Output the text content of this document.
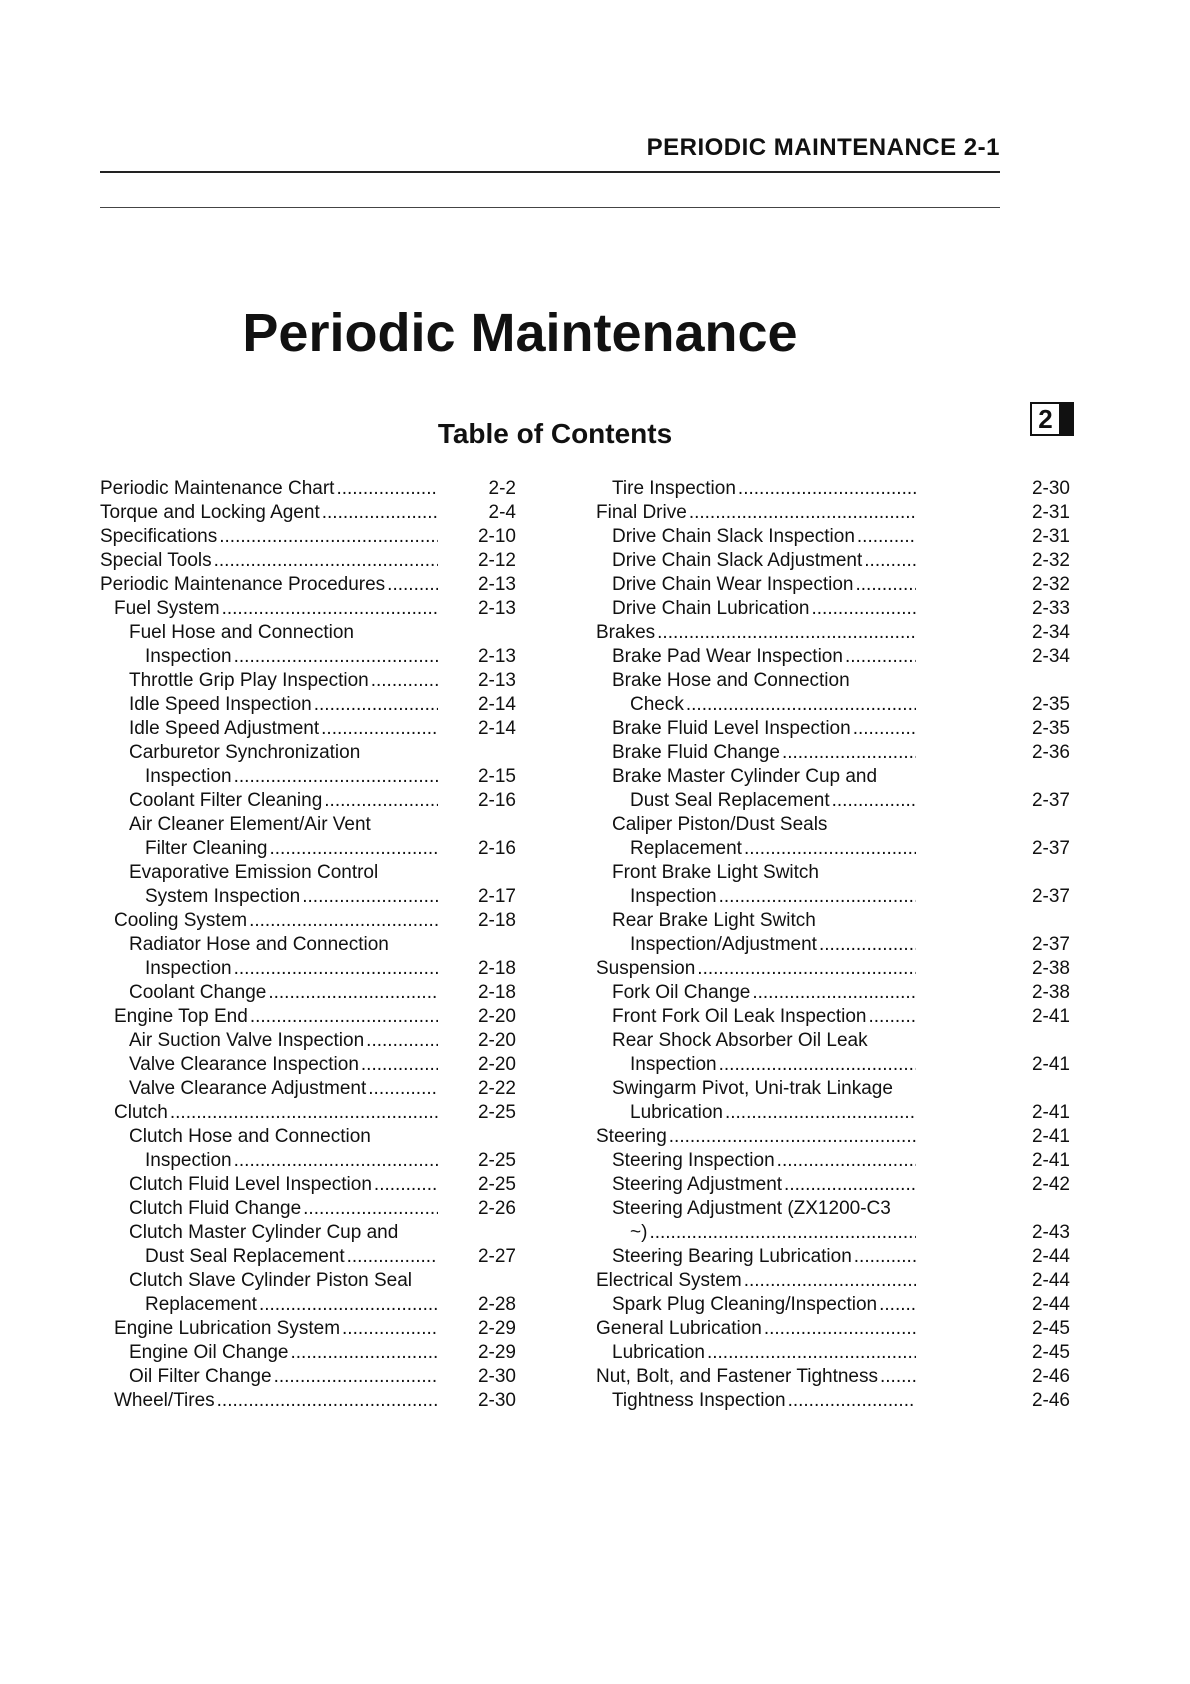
PERIODIC MAINTENANCE 2-1
Periodic Maintenance
Table of Contents	2
Periodic Maintenance Chart .....	2-2
Torque and Locking Agent .....	2-4
Specifications .....	2-10
Special Tools .....	2-12
Periodic Maintenance Procedures .....	2-13
Fuel System .....	2-13
Fuel Hose and Connection
Inspection .....	2-13
Throttle Grip Play Inspection .....	2-13
Idle Speed Inspection .....	2-14
Idle Speed Adjustment .....	2-14
Carburetor Synchronization
Inspection .....	2-15
Coolant Filter Cleaning .....	2-16
Air Cleaner Element/Air Vent
Filter Cleaning .....	2-16
Evaporative Emission Control
System Inspection .....	2-17
Cooling System .....	2-18
Radiator Hose and Connection
Inspection .....	2-18
Coolant Change .....	2-18
Engine Top End .....	2-20
Air Suction Valve Inspection .....	2-20
Valve Clearance Inspection .....	2-20
Valve Clearance Adjustment .....	2-22
Clutch .....	2-25
Clutch Hose and Connection
Inspection .....	2-25
Clutch Fluid Level Inspection .....	2-25
Clutch Fluid Change .....	2-26
Clutch Master Cylinder Cup and
Dust Seal Replacement .....	2-27
Clutch Slave Cylinder Piston Seal
Replacement .....	2-28
Engine Lubrication System .....	2-29
Engine Oil Change .....	2-29
Oil Filter Change .....	2-30
Wheel/Tires .....	2-30
Tire Inspection .....	2-30
Final Drive .....	2-31
Drive Chain Slack Inspection .....	2-31
Drive Chain Slack Adjustment .....	2-32
Drive Chain Wear Inspection .....	2-32
Drive Chain Lubrication .....	2-33
Brakes .....	2-34
Brake Pad Wear Inspection .....	2-34
Brake Hose and Connection
Check .....	2-35
Brake Fluid Level Inspection .....	2-35
Brake Fluid Change .....	2-36
Brake Master Cylinder Cup and
Dust Seal Replacement .....	2-37
Caliper Piston/Dust Seals
Replacement .....	2-37
Front Brake Light Switch
Inspection .....	2-37
Rear Brake Light Switch
Inspection/Adjustment .....	2-37
Suspension .....	2-38
Fork Oil Change .....	2-38
Front Fork Oil Leak Inspection .....	2-41
Rear Shock Absorber Oil Leak
Inspection .....	2-41
Swingarm Pivot, Uni-trak Linkage
Lubrication .....	2-41
Steering .....	2-41
Steering Inspection .....	2-41
Steering Adjustment .....	2-42
Steering Adjustment (ZX1200-C3
~) .....	2-43
Steering Bearing Lubrication .....	2-44
Electrical System .....	2-44
Spark Plug Cleaning/Inspection .....	2-44
General Lubrication .....	2-45
Lubrication .....	2-45
Nut, Bolt, and Fastener Tightness .....	2-46
Tightness Inspection .....	2-46
